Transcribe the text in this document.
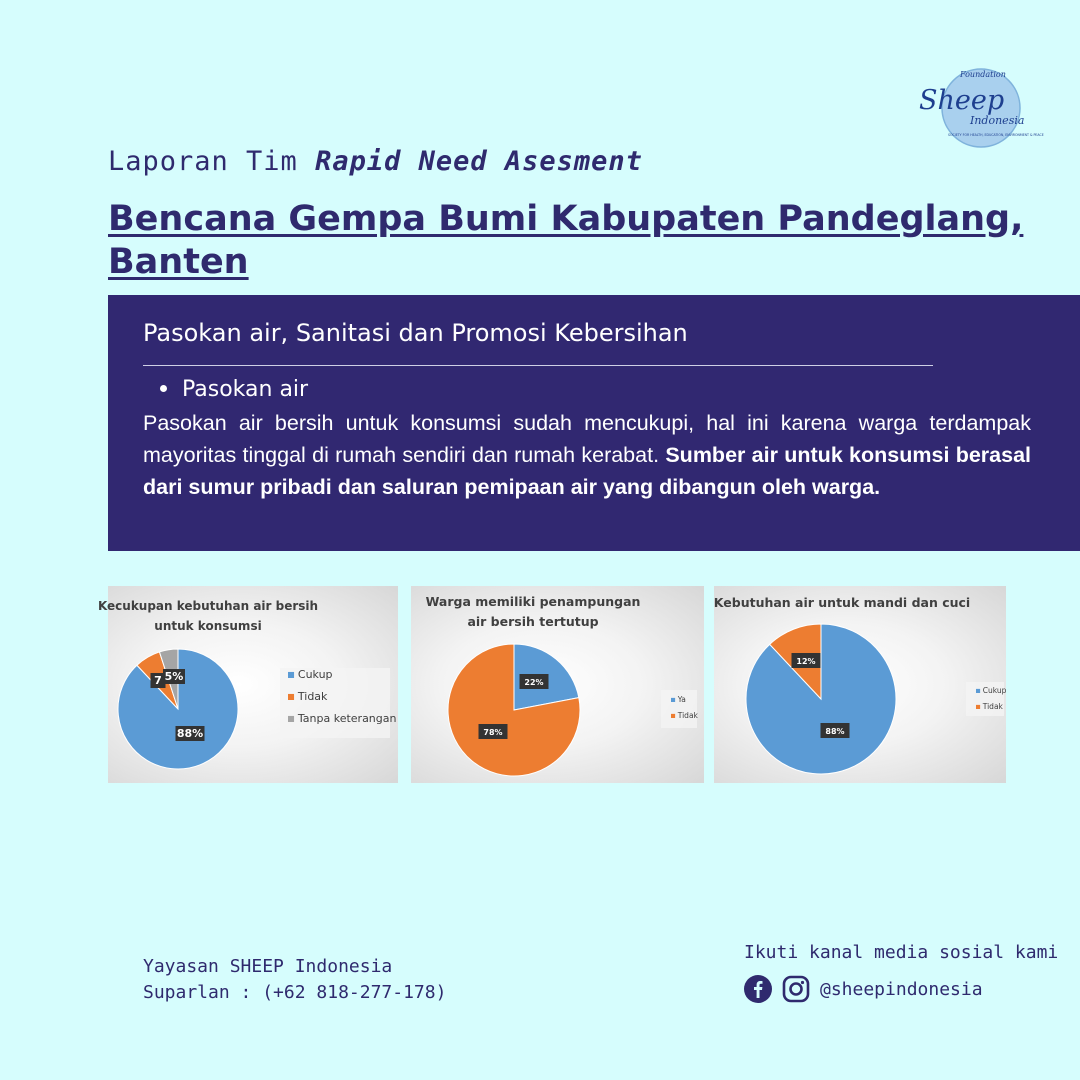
Sheep
Indonesia
Foundation
SOCIETY FOR HEALTH, EDUCATION, ENVIRONMENT & PEACE
Laporan Tim Rapid Need Asesment
Bencana Gempa Bumi Kabupaten Pandeglang, Banten
Pasokan air, Sanitasi dan Promosi Kebersihan
Pasokan air
Pasokan air bersih untuk konsumsi sudah mencukupi, hal ini karena warga terdampak mayoritas tinggal di rumah sendiri dan rumah kerabat. Sumber air untuk konsumsi berasal dari sumur pribadi dan saluran pemipaan air yang dibangun oleh warga.
Kecukupan kebutuhan air bersih
untuk konsumsi
88%
7 5%	Cukup
Tidak
Tanpa keterangan
Warga memiliki penampungan
air bersih tertutup
22%
78%
Ya
Tidak
Kebutuhan air untuk mandi dan cuci
88%
12%
Cukup
Tidak
Yayasan SHEEP Indonesia
Suparlan : (+62 818-277-178)
Ikuti kanal media sosial kami
@sheepindonesia
